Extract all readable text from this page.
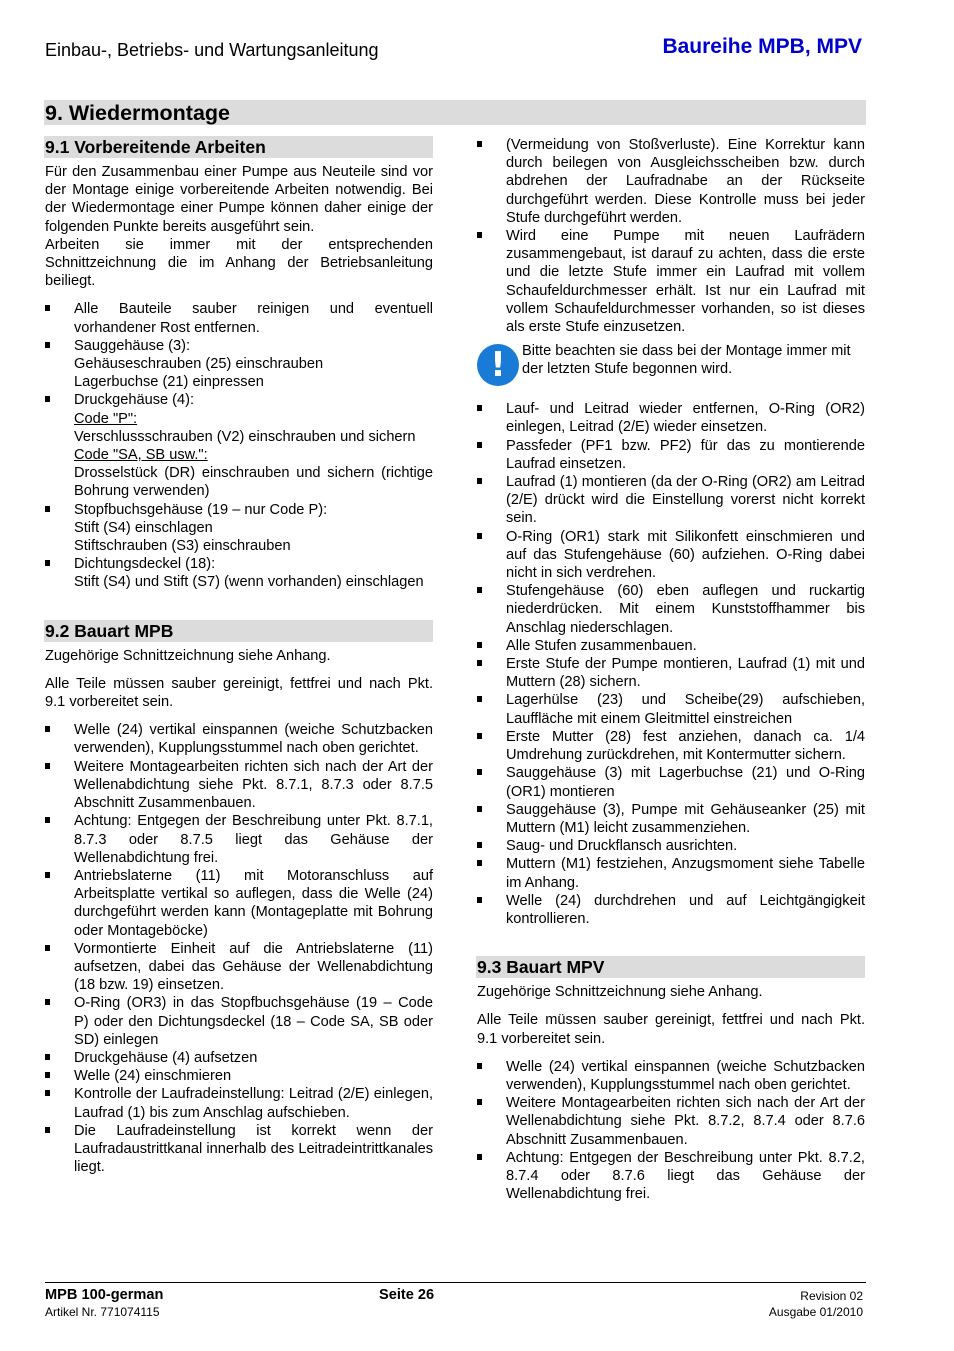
Einbau-, Betriebs- und Wartungsanleitung	Baureihe MPB, MPV
9. Wiedermontage
9.1 Vorbereitende Arbeiten

Für den Zusammenbau einer Pumpe aus Neuteile sind vor der Montage einige vorbereitende Arbeiten notwendig. Bei der Wiedermontage einer Pumpe können daher einige der folgenden Punkte bereits ausgeführt sein.

Arbeiten sie immer mit der entsprechenden Schnittzeichnung die im Anhang der Betriebsanleitung beiliegt.

Alle Bauteile sauber reinigen und eventuell vorhandener Rost entfernen.
Sauggehäuse (3):
Gehäuseschrauben (25) einschrauben
Lagerbuchse (21) einpressen
Druckgehäuse (4):
Code "P":
Verschlussschrauben (V2) einschrauben und sichern
Code "SA, SB usw.":
Drosselstück (DR) einschrauben und sichern (richtige Bohrung verwenden)
Stopfbuchsgehäuse (19 – nur Code P):
Stift (S4) einschlagen
Stiftschrauben (S3) einschrauben
Dichtungsdeckel (18):
Stift (S4) und Stift (S7) (wenn vorhanden) einschlagen
9.2 Bauart MPB

Zugehörige Schnittzeichnung siehe Anhang.

Alle Teile müssen sauber gereinigt, fettfrei und nach Pkt. 9.1 vorbereitet sein.

Welle (24) vertikal einspannen (weiche Schutzbacken verwenden), Kupplungsstummel nach oben gerichtet.
Weitere Montagearbeiten richten sich nach der Art der Wellenabdichtung siehe Pkt. 8.7.1, 8.7.3 oder 8.7.5 Abschnitt Zusammenbauen.
Achtung: Entgegen der Beschreibung unter Pkt. 8.7.1, 8.7.3 oder 8.7.5 liegt das Gehäuse der Wellenabdichtung frei.
Antriebslaterne (11) mit Motoranschluss auf Arbeitsplatte vertikal so auflegen, dass die Welle (24) durchgeführt werden kann (Montageplatte mit Bohrung oder Montageböcke)
Vormontierte Einheit auf die Antriebslaterne (11) aufsetzen, dabei das Gehäuse der Wellenabdichtung (18 bzw. 19) einsetzen.
O-Ring (OR3) in das Stopfbuchsgehäuse (19 – Code P) oder den Dichtungsdeckel (18 – Code SA, SB oder SD) einlegen
Druckgehäuse (4) aufsetzen
Welle (24) einschmieren
Kontrolle der Laufradeinstellung: Leitrad (2/E) einlegen, Laufrad (1) bis zum Anschlag aufschieben.
Die Laufradeinstellung ist korrekt wenn der Laufradaustrittkanal innerhalb des Leitradeintrittkanales liegt.
(Vermeidung von Stoßverluste). Eine Korrektur kann durch beilegen von Ausgleichsscheiben bzw. durch abdrehen der Laufradnabe an der Rückseite durchgeführt werden. Diese Kontrolle muss bei jeder Stufe durchgeführt werden.
Wird eine Pumpe mit neuen Laufrädern zusammengebaut, ist darauf zu achten, dass die erste und die letzte Stufe immer ein Laufrad mit vollem Schaufeldurchmesser erhält. Ist nur ein Laufrad mit vollem Schaufeldurchmesser vorhanden, so ist dieses als erste Stufe einzusetzen.
!	Bitte beachten sie dass bei der Montage immer mit der letzten Stufe begonnen wird.
Lauf- und Leitrad wieder entfernen, O-Ring (OR2) einlegen, Leitrad (2/E) wieder einsetzen.
Passfeder (PF1 bzw. PF2) für das zu montierende Laufrad einsetzen.
Laufrad (1) montieren (da der O-Ring (OR2) am Leitrad (2/E) drückt wird die Einstellung vorerst nicht korrekt sein.
O-Ring (OR1) stark mit Silikonfett einschmieren und auf das Stufengehäuse (60) aufziehen. O-Ring dabei nicht in sich verdrehen.
Stufengehäuse (60) eben auflegen und ruckartig niederdrücken. Mit einem Kunststoffhammer bis Anschlag niederschlagen.
Alle Stufen zusammenbauen.
Erste Stufe der Pumpe montieren, Laufrad (1) mit und Muttern (28) sichern.
Lagerhülse (23) und Scheibe(29) aufschieben, Lauffläche mit einem Gleitmittel einstreichen
Erste Mutter (28) fest anziehen, danach ca. 1/4 Umdrehung zurückdrehen, mit Kontermutter sichern.
Sauggehäuse (3) mit Lagerbuchse (21) und O-Ring (OR1) montieren
Sauggehäuse (3), Pumpe mit Gehäuseanker (25) mit Muttern (M1) leicht zusammenziehen.
Saug- und Druckflansch ausrichten.
Muttern (M1) festziehen, Anzugsmoment siehe Tabelle im Anhang.
Welle (24) durchdrehen und auf Leichtgängigkeit kontrollieren.
9.3 Bauart MPV

Zugehörige Schnittzeichnung siehe Anhang.

Alle Teile müssen sauber gereinigt, fettfrei und nach Pkt. 9.1 vorbereitet sein.

Welle (24) vertikal einspannen (weiche Schutzbacken verwenden), Kupplungsstummel nach oben gerichtet.
Weitere Montagearbeiten richten sich nach der Art der Wellenabdichtung siehe Pkt. 8.7.2, 8.7.4 oder 8.7.6 Abschnitt Zusammenbauen.
Achtung: Entgegen der Beschreibung unter Pkt. 8.7.2, 8.7.4 oder 8.7.6 liegt das Gehäuse der Wellenabdichtung frei.
MPB 100-german
Artikel Nr. 771074115
Seite 26	Revision 02
Ausgabe 01/2010
